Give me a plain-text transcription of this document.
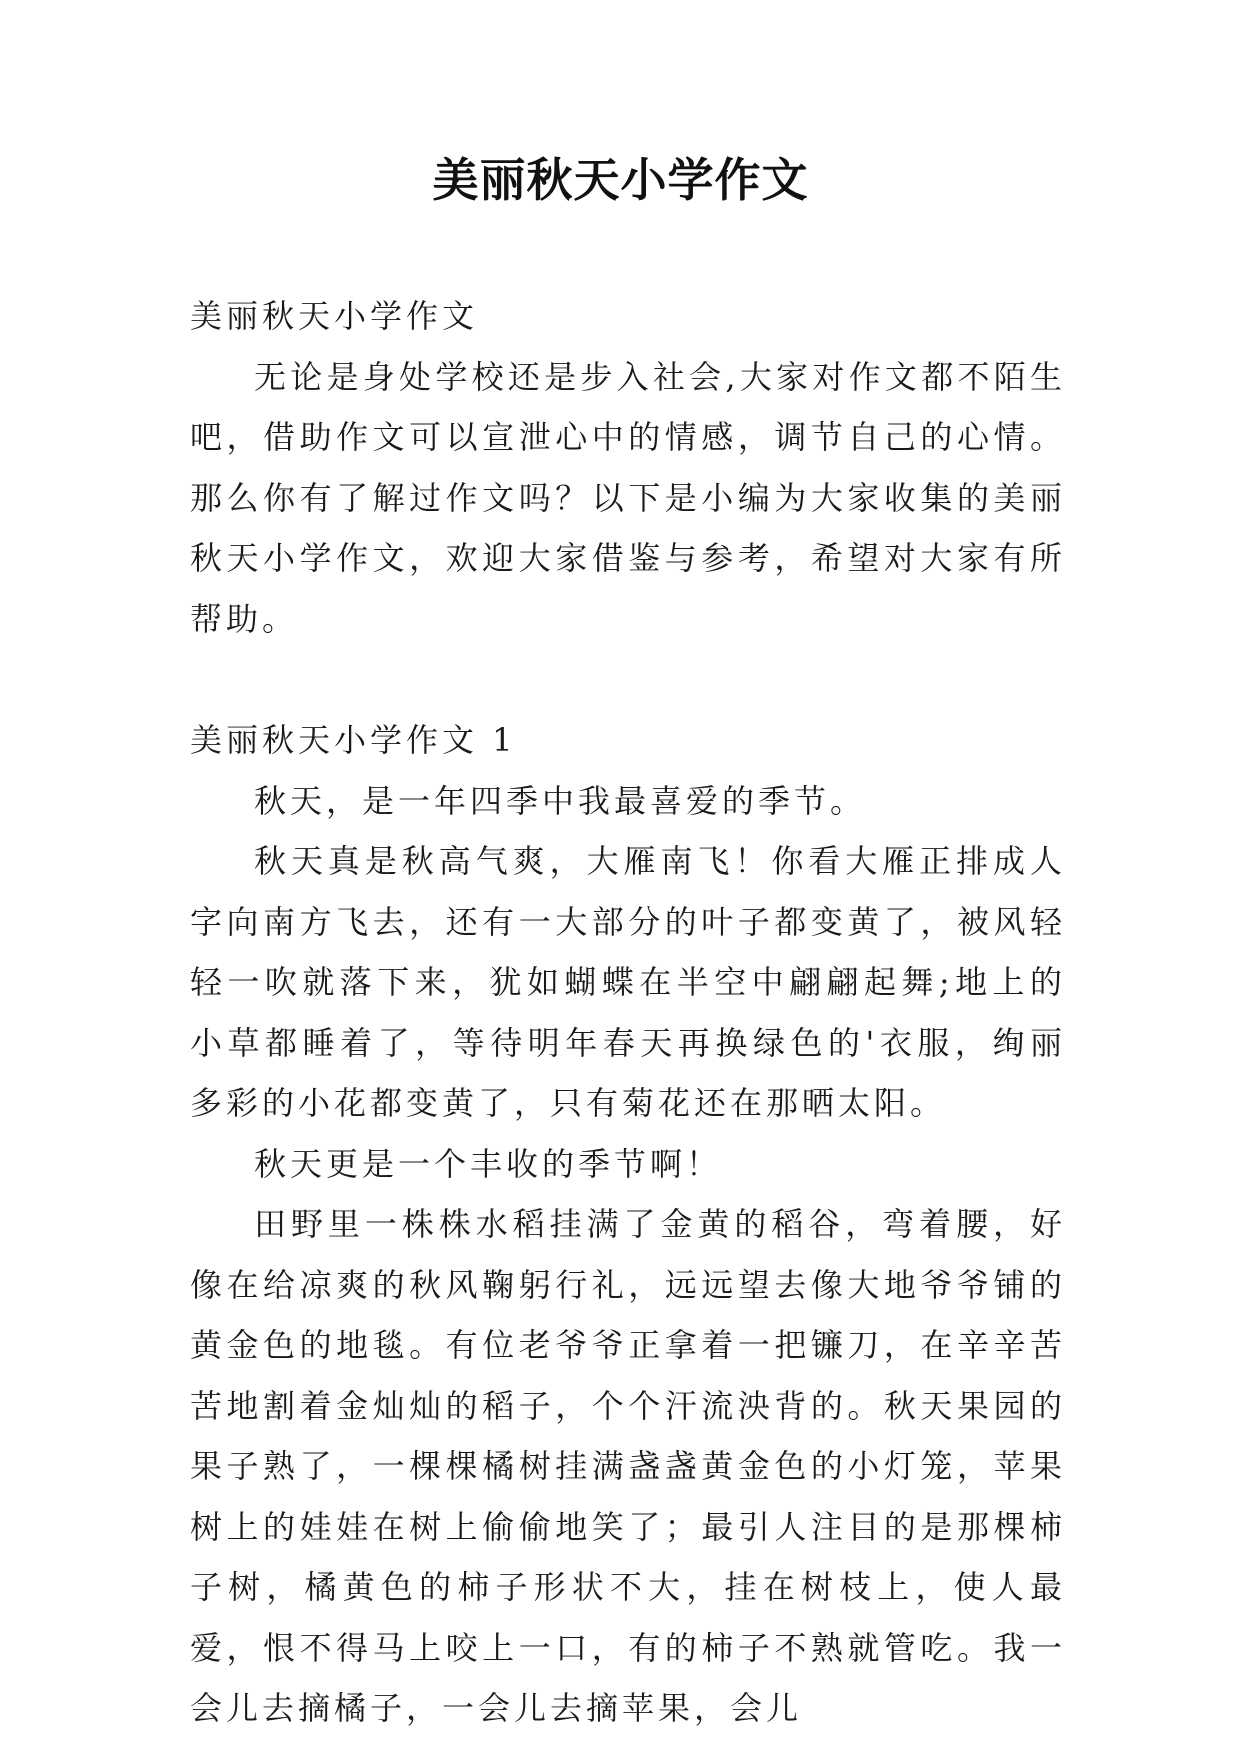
美丽秋天小学作文

美丽秋天小学作文

无论是身处学校还是步入社会,大家对作文都不陌生吧，借助作文可以宣泄心中的情感，调节自己的心情。那么你有了解过作文吗？以下是小编为大家收集的美丽秋天小学作文，欢迎大家借鉴与参考，希望对大家有所帮助。

美丽秋天小学作文 1

秋天，是一年四季中我最喜爱的季节。

秋天真是秋高气爽，大雁南飞！你看大雁正排成人字向南方飞去，还有一大部分的叶子都变黄了，被风轻轻一吹就落下来，犹如蝴蝶在半空中翩翩起舞;地上的小草都睡着了，等待明年春天再换绿色的'衣服，绚丽多彩的小花都变黄了，只有菊花还在那晒太阳。

秋天更是一个丰收的季节啊！

田野里一株株水稻挂满了金黄的稻谷，弯着腰，好像在给凉爽的秋风鞠躬行礼，远远望去像大地爷爷铺的黄金色的地毯。有位老爷爷正拿着一把镰刀，在辛辛苦苦地割着金灿灿的稻子，个个汗流泱背的。秋天果园的果子熟了，一棵棵橘树挂满盏盏黄金色的小灯笼，苹果树上的娃娃在树上偷偷地笑了；最引人注目的是那棵柿子树，橘黄色的柿子形状不大，挂在树枝上，使人最爱，恨不得马上咬上一口，有的柿子不熟就管吃。我一会儿去摘橘子，一会儿去摘苹果，会儿
